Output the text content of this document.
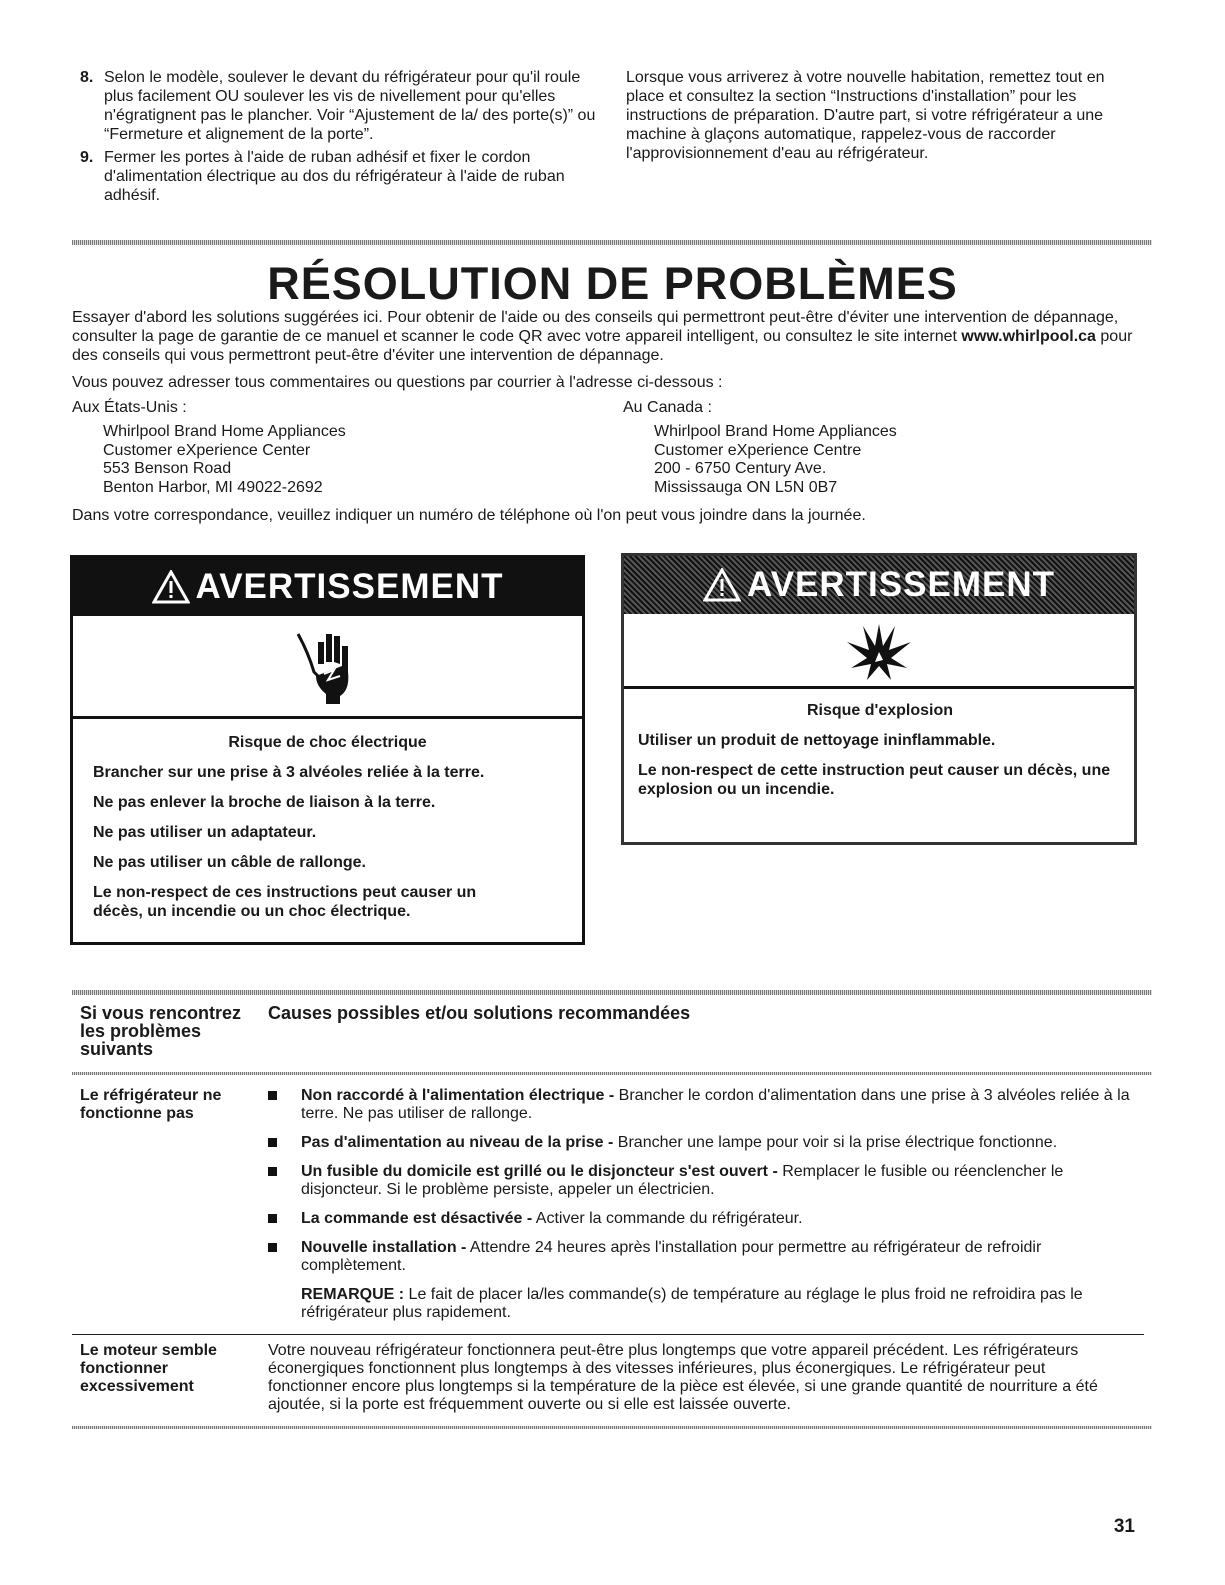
8. Selon le modèle, soulever le devant du réfrigérateur pour qu'il roule plus facilement OU soulever les vis de nivellement pour qu'elles n'égratignent pas le plancher. Voir “Ajustement de la/ des porte(s)” ou “Fermeture et alignement de la porte”.
9. Fermer les portes à l'aide de ruban adhésif et fixer le cordon d'alimentation électrique au dos du réfrigérateur à l'aide de ruban adhésif.
Lorsque vous arriverez à votre nouvelle habitation, remettez tout en place et consultez la section “Instructions d'installation” pour les instructions de préparation. D'autre part, si votre réfrigérateur a une machine à glaçons automatique, rappelez-vous de raccorder l'approvisionnement d'eau au réfrigérateur.
RÉSOLUTION DE PROBLÈMES
Essayer d'abord les solutions suggérées ici. Pour obtenir de l'aide ou des conseils qui permettront peut-être d'éviter une intervention de dépannage, consulter la page de garantie de ce manuel et scanner le code QR avec votre appareil intelligent, ou consultez le site internet www.whirlpool.ca pour des conseils qui vous permettront peut-être d'éviter une intervention de dépannage.
Vous pouvez adresser tous commentaires ou questions par courrier à l'adresse ci-dessous :
Aux États-Unis :
Whirlpool Brand Home Appliances
Customer eXperience Center
553 Benson Road
Benton Harbor, MI 49022-2692
Au Canada :
Whirlpool Brand Home Appliances
Customer eXperience Centre
200 - 6750 Century Ave.
Mississauga ON L5N 0B7
Dans votre correspondance, veuillez indiquer un numéro de téléphone où l'on peut vous joindre dans la journée.
AVERTISSEMENT
Risque de choc électrique
Brancher sur une prise à 3 alvéoles reliée à la terre.
Ne pas enlever la broche de liaison à la terre.
Ne pas utiliser un adaptateur.
Ne pas utiliser un câble de rallonge.
Le non-respect de ces instructions peut causer un décès, un incendie ou un choc électrique.
AVERTISSEMENT
Risque d'explosion
Utiliser un produit de nettoyage ininflammable.
Le non-respect de cette instruction peut causer un décès, une explosion ou un incendie.
Si vous rencontrez les problèmes suivants
Causes possibles et/ou solutions recommandées
Le réfrigérateur ne fonctionne pas
Non raccordé à l'alimentation électrique - Brancher le cordon d'alimentation dans une prise à 3 alvéoles reliée à la terre. Ne pas utiliser de rallonge.
Pas d'alimentation au niveau de la prise - Brancher une lampe pour voir si la prise électrique fonctionne.
Un fusible du domicile est grillé ou le disjoncteur s'est ouvert - Remplacer le fusible ou réenclencher le disjoncteur. Si le problème persiste, appeler un électricien.
La commande est désactivée - Activer la commande du réfrigérateur.
Nouvelle installation - Attendre 24 heures après l'installation pour permettre au réfrigérateur de refroidir complètement.
REMARQUE : Le fait de placer la/les commande(s) de température au réglage le plus froid ne refroidira pas le réfrigérateur plus rapidement.
Le moteur semble fonctionner excessivement
Votre nouveau réfrigérateur fonctionnera peut-être plus longtemps que votre appareil précédent. Les réfrigérateurs éconergiques fonctionnent plus longtemps à des vitesses inférieures, plus éconergiques. Le réfrigérateur peut fonctionner encore plus longtemps si la température de la pièce est élevée, si une grande quantité de nourriture a été ajoutée, si la porte est fréquemment ouverte ou si elle est laissée ouverte.
31
